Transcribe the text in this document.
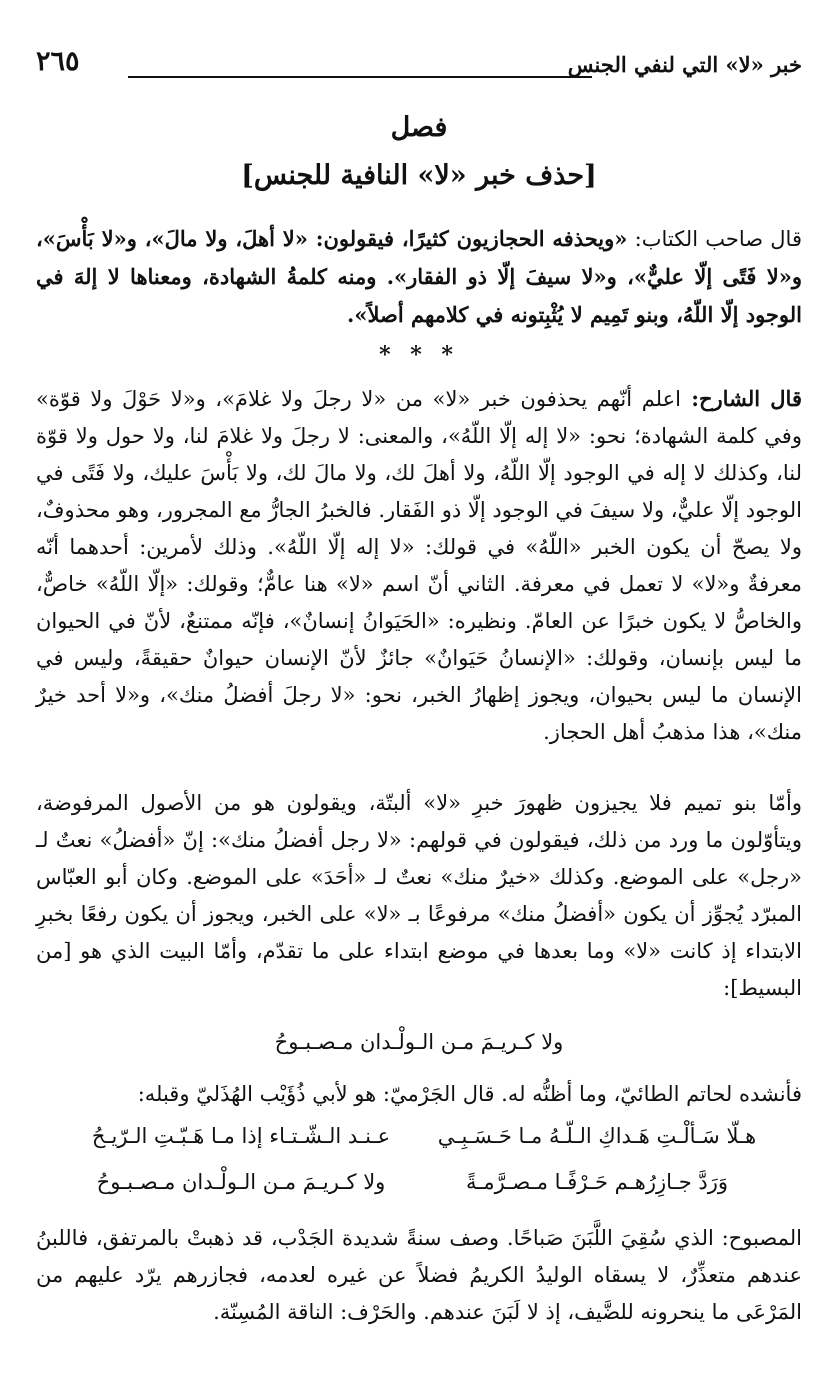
خبر «لا» التي لنفي الجنس
٢٦٥
فصل
[حذف خبر «لا» النافية للجنس]

قال صاحب الكتاب: «ويحذفه الحجازيون كثيرًا، فيقولون: «لا أهلَ، ولا مالَ»، و«لا بَأْسَ»، و«لا فَتًى إلّا عليٌّ»، و«لا سيفَ إلّا ذو الفقار». ومنه كلمةُ الشهادة، ومعناها لا إلهَ في الوجود إلّا اللّهُ، وبنو تَمِيم لا يُثْبِتونه في كلامهم أصلاً».

* * *

قال الشارح: اعلم أنّهم يحذفون خبر «لا» من «لا رجلَ ولا غلامَ»، و«لا حَوْلَ ولا قوّة» وفي كلمة الشهادة؛ نحو: «لا إله إلّا اللّهُ»، والمعنى: لا رجلَ ولا غلامَ لنا، ولا حول ولا قوّة لنا، وكذلك لا إله في الوجود إلّا اللّهُ، ولا أهلَ لك، ولا مالَ لك، ولا بَأْسَ عليك، ولا فَتًى في الوجود إلّا عليٌّ، ولا سيفَ في الوجود إلّا ذو الفَقار. فالخبرُ الجارُّ مع المجرور، وهو محذوفٌ، ولا يصحّ أن يكون الخبر «اللّهُ» في قولك: «لا إله إلّا اللّهُ». وذلك لأمرين: أحدهما أنّه معرفةٌ و«لا» لا تعمل في معرفة. الثاني أنّ اسم «لا» هنا عامٌّ؛ وقولك: «إلّا اللّهُ» خاصٌّ، والخاصُّ لا يكون خبرًا عن العامّ. ونظيره: «الحَيَوانُ إنسانٌ»، فإنّه ممتنعٌ، لأنّ في الحيوان ما ليس بإنسان، وقولك: «الإنسانُ حَيَوانٌ» جائزٌ لأنّ الإنسان حيوانٌ حقيقةً، وليس في الإنسان ما ليس بحيوان، ويجوز إظهارُ الخبر، نحو: «لا رجلَ أفضلُ منك»، و«لا أحد خيرٌ منك»، هذا مذهبُ أهل الحجاز.

وأمّا بنو تميم فلا يجيزون ظهورَ خبرِ «لا» ألبتّة، ويقولون هو من الأصول المرفوضة، ويتأوّلون ما ورد من ذلك، فيقولون في قولهم: «لا رجل أفضلُ منك»: إنّ «أفضلُ» نعتٌ لـ «رجل» على الموضع. وكذلك «خيرٌ منك» نعتٌ لـ «أحَدَ» على الموضع. وكان أبو العبّاس المبرّد يُجوِّز أن يكون «أفضلُ منك» مرفوعًا بـ «لا» على الخبر، ويجوز أن يكون رفعًا بخبرِ الابتداء إذ كانت «لا» وما بعدها في موضع ابتداء على ما تقدّم، وأمّا البيت الذي هو [من البسيط]:

ولا كـريـمَ مـن الـولْـدان مـصـبـوحُ

فأنشده لحاتم الطائيّ، وما أظنُّه له. قال الجَرْميّ: هو لأبي ذُؤَيْب الهُذَليّ وقبله:

هـلّا سَـألْـتِ هَـداكِ الـلّـهُ مـا حَـسَـبِـي
عـنـد الـشّـتـاء إذا مـا هَـبّـتِ الـرّيـحُ
وَرَدَّ جـازِرُهـم حَـرْفًـا مـصـرَّمـةً
ولا كـريـمَ مـن الـولْـدان مـصـبـوحُ

المصبوح: الذي سُقِيَ اللَّبَنَ صَباحًا. وصف سنةً شديدة الجَدْب، قد ذهبتْ بالمرتفق، فاللبنُ عندهم متعذِّرٌ، لا يسقاه الوليدُ الكريمُ فضلاً عن غيره لعدمه، فجازرهم يرّد عليهم من المَرْعَى ما ينحرونه للضَّيف، إذ لا لَبَنَ عندهم. والحَرْف: الناقة المُسِنّة.
